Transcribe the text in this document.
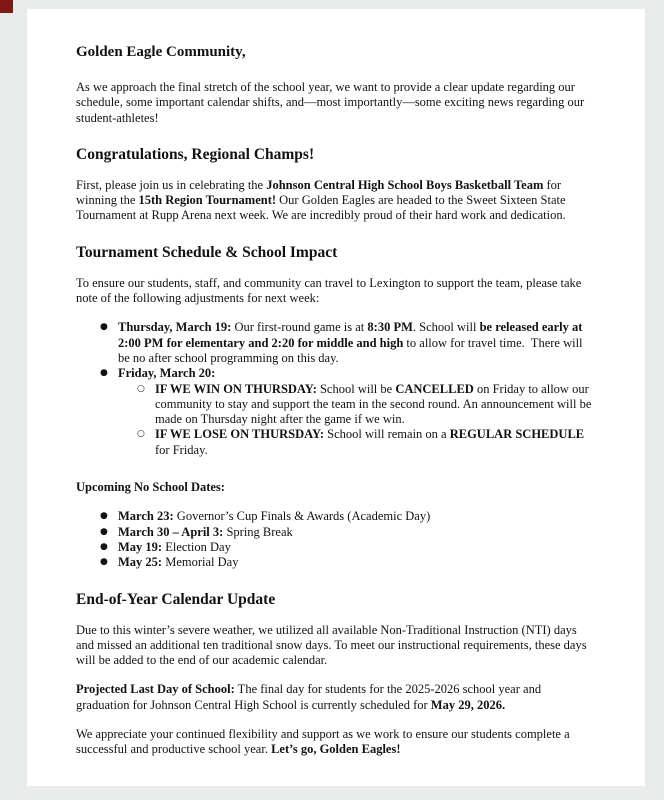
Golden Eagle Community,

As we approach the final stretch of the school year, we want to provide a clear update regarding our schedule, some important calendar shifts, and—most importantly—some exciting news regarding our student-athletes!

Congratulations, Regional Champs!

First, please join us in celebrating the Johnson Central High School Boys Basketball Team for winning the 15th Region Tournament! Our Golden Eagles are headed to the Sweet Sixteen State Tournament at Rupp Arena next week. We are incredibly proud of their hard work and dedication.

Tournament Schedule & School Impact

To ensure our students, staff, and community can travel to Lexington to support the team, please take note of the following adjustments for next week:

● Thursday, March 19: Our first-round game is at 8:30 PM. School will be released early at 2:00 PM for elementary and 2:20 for middle and high to allow for travel time.  There will be no after school programming on this day.
● Friday, March 20:
○ IF WE WIN ON THURSDAY: School will be CANCELLED on Friday to allow our community to stay and support the team in the second round. An announcement will be made on Thursday night after the game if we win.
○ IF WE LOSE ON THURSDAY: School will remain on a REGULAR SCHEDULE for Friday.

Upcoming No School Dates:

● March 23: Governor’s Cup Finals & Awards (Academic Day)
● March 30 – April 3: Spring Break
● May 19: Election Day
● May 25: Memorial Day
End-of-Year Calendar Update

Due to this winter’s severe weather, we utilized all available Non-Traditional Instruction (NTI) days and missed an additional ten traditional snow days. To meet our instructional requirements, these days will be added to the end of our academic calendar.

Projected Last Day of School: The final day for students for the 2025-2026 school year and graduation for Johnson Central High School is currently scheduled for May 29, 2026.

We appreciate your continued flexibility and support as we work to ensure our students complete a successful and productive school year. Let’s go, Golden Eagles!
